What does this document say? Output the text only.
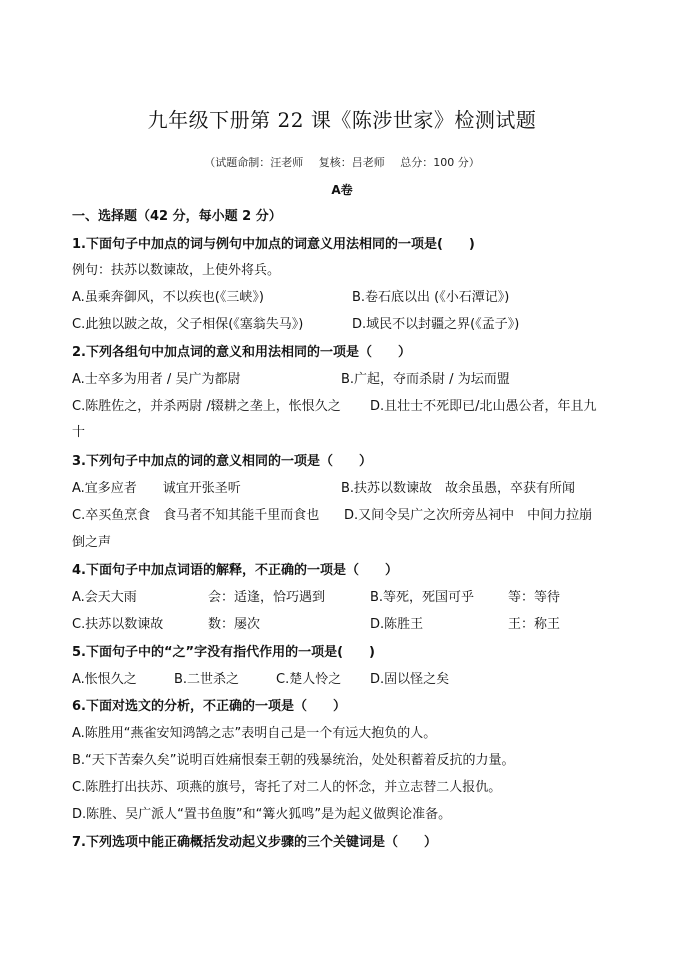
九年级下册第 22 课《陈涉世家》检测试题
（试题命制：汪老师 复核：吕老师 总分：100 分）
A卷
一、选择题（42 分，每小题 2 分）
1.下面句子中加点的词与例句中加点的词意义用法相同的一项是(　　)
例句：扶苏以数谏故，上使外将兵。
A.虽乘奔御风，不以疾也(《三峡》)	B.卷石底以出 (《小石潭记》)
C.此独以跛之故，父子相保(《塞翁失马》)	D.域民不以封疆之界(《孟子》)
2.下列各组句中加点词的意义和用法相同的一项是（　　）
A.士卒多为用者 / 吴广为都尉	B.广起，夺而杀尉 / 为坛而盟
C.陈胜佐之，并杀两尉 /辍耕之垄上，怅恨久之 D.且壮士不死即已/北山愚公者，年且九
十
3.下列句子中加点的词的意义相同的一项是（　　）
A.宜多应者　　诚宜开张圣听	B.扶苏以数谏故　故余虽愚，卒获有所闻
C.卒买鱼烹食　食马者不知其能千里而食也 D.又间令吴广之次所旁丛祠中　中间力拉崩
倒之声
4.下面句子中加点词语的解释，不正确的一项是（　　）
A.会天大雨	会：适逢，恰巧遇到	B.等死，死国可乎	等：等待
C.扶苏以数谏故	数：屡次	D.陈胜王	王：称王
5.下面句子中的“之”字没有指代作用的一项是(　　)
A.怅恨久之	B.二世杀之	C.楚人怜之 D.固以怪之矣
6.下面对选文的分析，不正确的一项是（　　）
A.陈胜用“燕雀安知鸿鹄之志”表明自己是一个有远大抱负的人。
B.“天下苦秦久矣”说明百姓痛恨秦王朝的残暴统治，处处积蓄着反抗的力量。
C.陈胜打出扶苏、项燕的旗号，寄托了对二人的怀念，并立志替二人报仇。
D.陈胜、吴广派人“置书鱼腹”和“篝火狐鸣”是为起义做舆论准备。
7.下列选项中能正确概括发动起义步骤的三个关键词是（　　）
